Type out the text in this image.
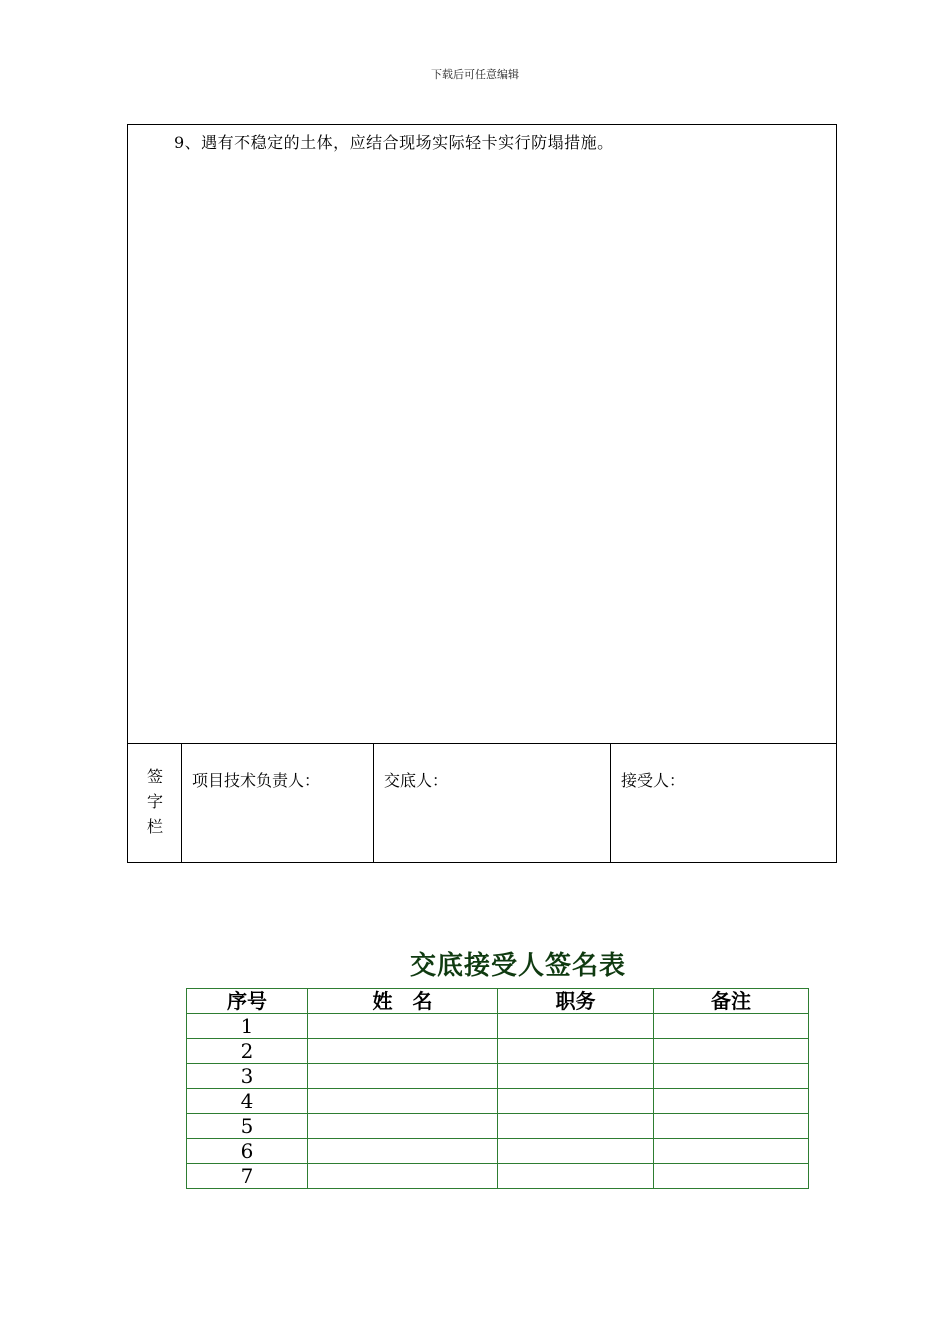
下载后可任意编辑
9、遇有不稳定的土体，应结合现场实际轻卡实行防塌措施。
签
字
栏
项目技术负责人：	交底人：	接受人：
交底接受人签名表
序号	姓　名	职务	备注
1			
2			
3			
4			
5			
6			
7			
